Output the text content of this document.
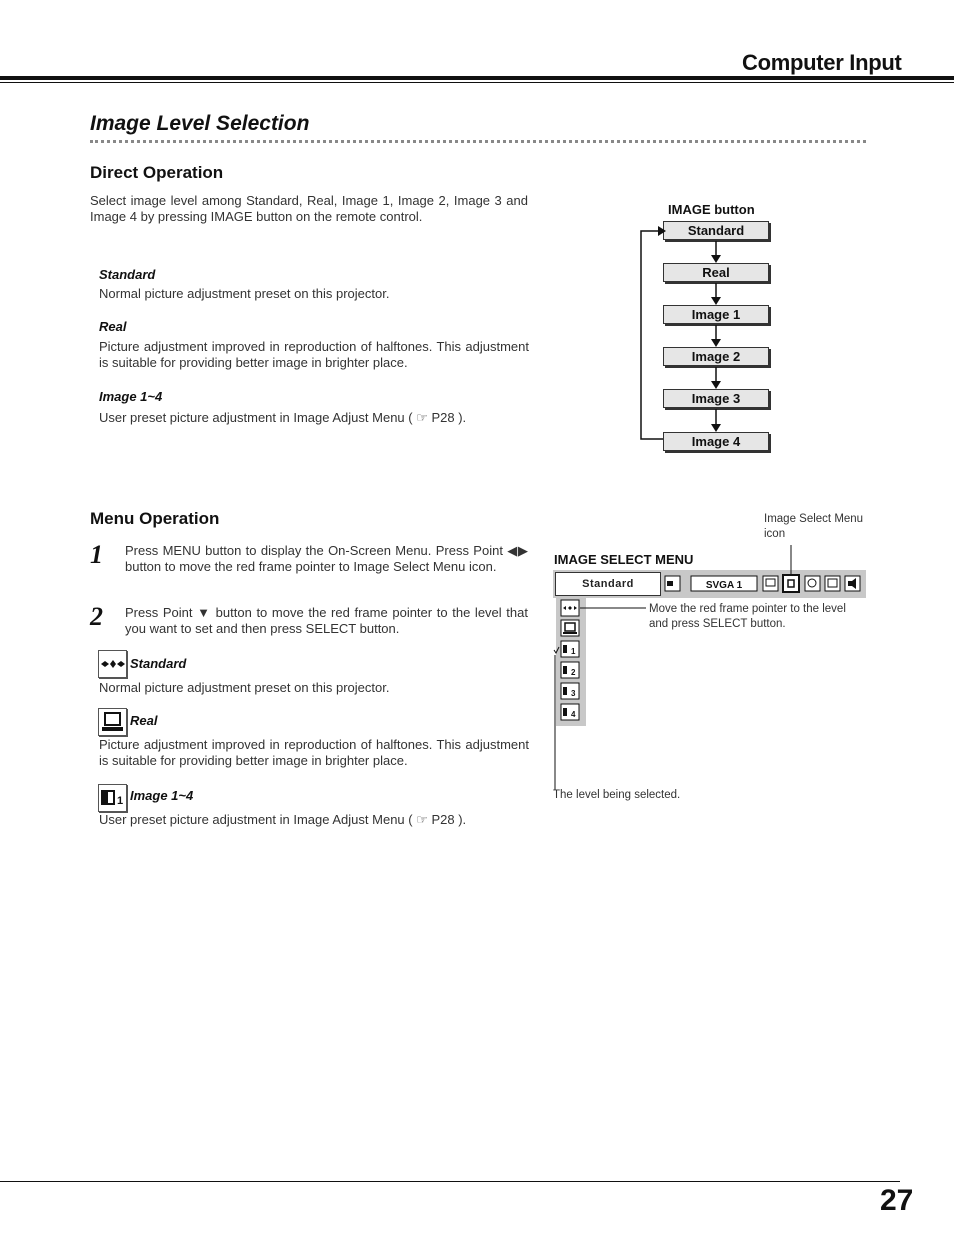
Computer Input
Image Level Selection
Direct Operation
Select image level among Standard, Real, Image 1, Image 2, Image 3 and Image 4 by pressing IMAGE button on the remote control.
Standard
Normal picture adjustment preset on this projector.
Real
Picture adjustment improved in reproduction of halftones. This adjustment is suitable for providing better image in brighter place.
Image 1~4
User preset picture adjustment in Image Adjust Menu ( ☞ P28 ).
IMAGE button
Standard
Real
Image 1
Image 2
Image 3
Image 4
Menu Operation
1 Press MENU button to display the On-Screen Menu. Press Point ◀▶ button to move the red frame pointer to Image Select Menu icon.
2 Press Point ▼ button to move the red frame pointer to the level that you want to set and then press SELECT button.
Standard
Normal picture adjustment preset on this projector.
Real
Picture adjustment improved in reproduction of halftones. This adjustment is suitable for providing better image in brighter place.
1 Image 1~4
User preset picture adjustment in Image Adjust Menu ( ☞ P28 ).
Image Select Menu icon
IMAGE SELECT MENU
Standard	SVGA 1
1
2
3
4
Move the red frame pointer to the level and press SELECT button.
The level being selected.
27
